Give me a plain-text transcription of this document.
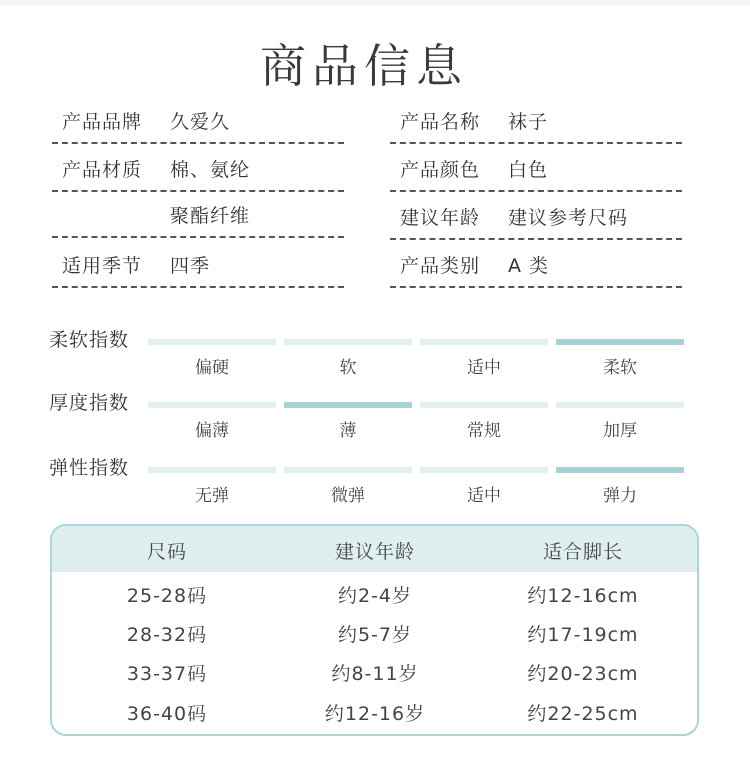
商品信息
产品品牌 久爱久	产品名称 袜子
产品材质 棉、氨纶	产品颜色 白色
聚酯纤维	建议年龄 建议参考尺码
适用季节 四季	产品类别 A 类
柔软指数
偏硬	软	适中	柔软
厚度指数
偏薄	薄	常规	加厚
弹性指数
无弹	微弹	适中	弹力
尺码	建议年龄	适合脚长
25-28码	约2-4岁	约12-16cm
28-32码	约5-7岁	约17-19cm
33-37码	约8-11岁	约20-23cm
36-40码	约12-16岁	约22-25cm
